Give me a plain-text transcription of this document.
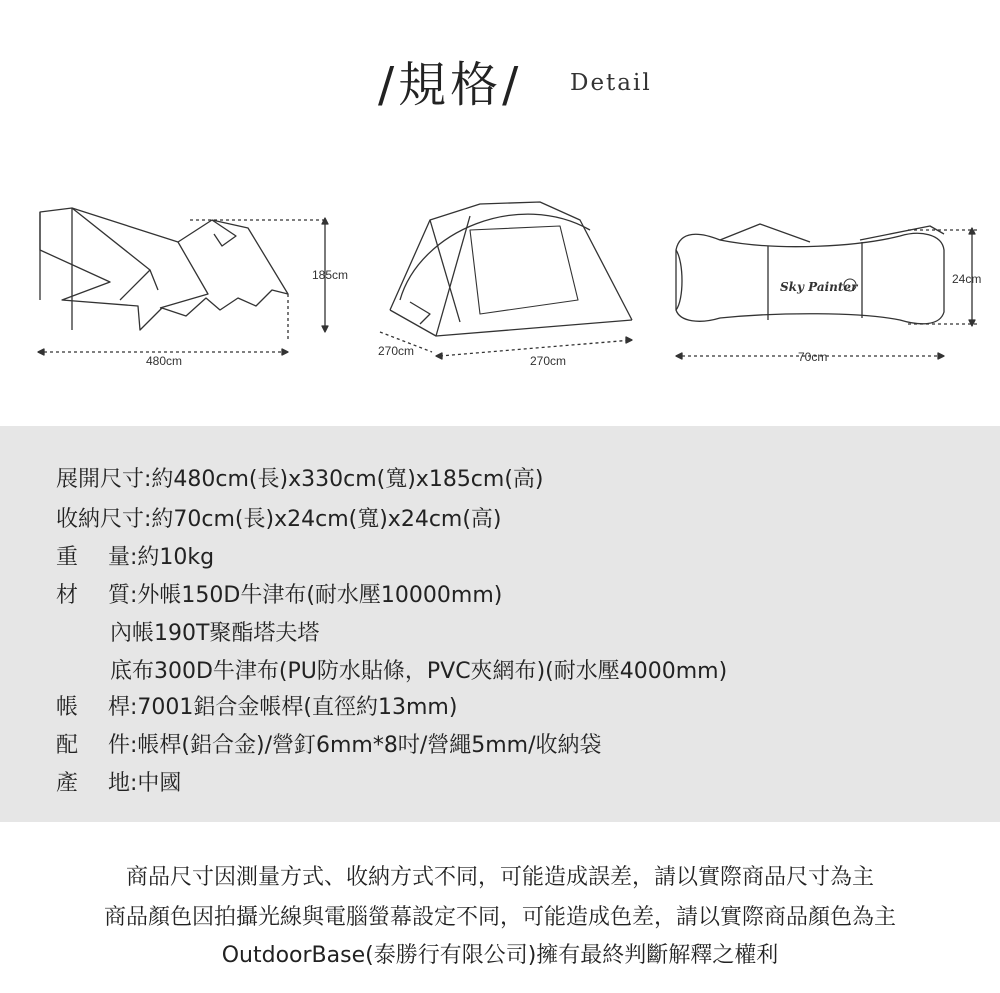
/規格/ Detail
185cm
480cm
270cm
270cm
24cm
70cm
Sky Painter
展開尺寸:約480cm(長)x330cm(寬)x185cm(高)
收納尺寸:約70cm(長)x24cm(寬)x24cm(高)
重 量:約10kg
材 質:外帳150D牛津布(耐水壓10000mm)
內帳190T聚酯塔夫塔
底布300D牛津布(PU防水貼條，PVC夾網布)(耐水壓4000mm)
帳 桿:7001鋁合金帳桿(直徑約13mm)
配 件:帳桿(鋁合金)/營釘6mm*8吋/營繩5mm/收納袋
產 地:中國
商品尺寸因測量方式、收納方式不同，可能造成誤差，請以實際商品尺寸為主
商品顏色因拍攝光線與電腦螢幕設定不同，可能造成色差，請以實際商品顏色為主
OutdoorBase(泰勝行有限公司)擁有最終判斷解釋之權利
